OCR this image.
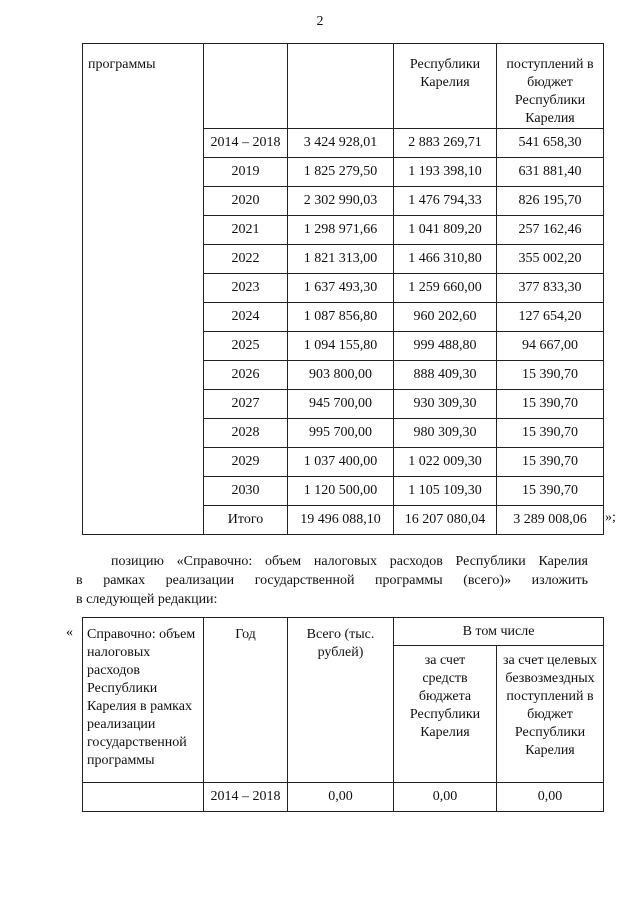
2
программы			Республики Карелия	поступлений в бюджет Республики Карелия
	2014 – 2018	3 424 928,01	2 883 269,71	541 658,30
	2019	1 825 279,50	1 193 398,10	631 881,40
	2020	2 302 990,03	1 476 794,33	826 195,70
	2021	1 298 971,66	1 041 809,20	257 162,46
	2022	1 821 313,00	1 466 310,80	355 002,20
	2023	1 637 493,30	1 259 660,00	377 833,30
	2024	1 087 856,80	960 202,60	127 654,20
	2025	1 094 155,80	999 488,80	94 667,00
	2026	903 800,00	888 409,30	15 390,70
	2027	945 700,00	930 309,30	15 390,70
	2028	995 700,00	980 309,30	15 390,70
	2029	1 037 400,00	1 022 009,30	15 390,70
	2030	1 120 500,00	1 105 109,30	15 390,70
	Итого	19 496 088,10	16 207 080,04	3 289 008,06 »;
позицию «Справочно: объем налоговых расходов Республики Карелия
в рамках реализации государственной программы (всего)» изложить
в следующей редакции:
« Справочно: объем налоговых расходов Республики Карелия в рамках реализации государственной программы	Год	Всего (тыс. рублей)	В том числе	
			за счет средств бюджета Республики Карелия	за счет целевых безвозмездных поступлений в бюджет Республики Карелия
	2014 – 2018	0,00	0,00	0,00
